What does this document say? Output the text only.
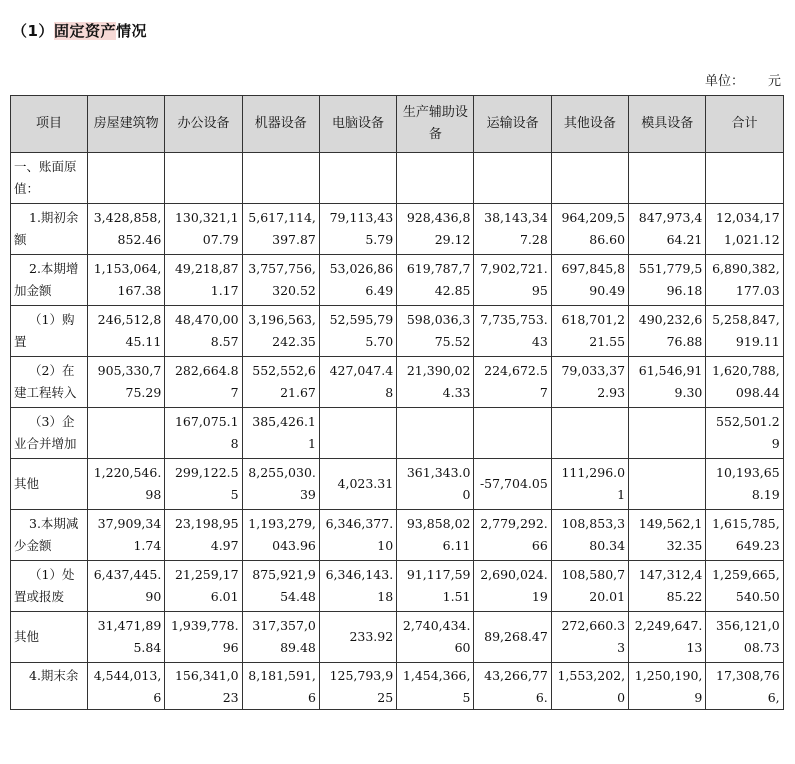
（1）固定资产情况
单位： 元
项目	房屋建筑物	办公设备	机器设备	电脑设备	生产辅助设备	运输设备	其他设备	模具设备	合计
一、账面原值：									
1.期初余额	3,428,858,852.46	130,321,107.79	5,617,114,397.87	79,113,435.79	928,436,829.12	38,143,347.28	964,209,586.60	847,973,464.21	12,034,171,021.12
2.本期增加金额	1,153,064,167.38	49,218,871.17	3,757,756,320.52	53,026,866.49	619,787,742.85	7,902,721.95	697,845,890.49	551,779,596.18	6,890,382,177.03
（1）购置	246,512,845.11	48,470,008.57	3,196,563,242.35	52,595,795.70	598,036,375.52	7,735,753.43	618,701,221.55	490,232,676.88	5,258,847,919.11
（2）在建工程转入	905,330,775.29	282,664.87	552,552,621.67	427,047.48	21,390,024.33	224,672.57	79,033,372.93	61,546,919.30	1,620,788,098.44
（3）企业合并增加		167,075.18	385,426.11						552,501.29
其他	1,220,546.98	299,122.55	8,255,030.39	4,023.31	361,343.00	-57,704.05	111,296.01		10,193,658.19
3.本期减少金额	37,909,341.74	23,198,954.97	1,193,279,043.96	6,346,377.10	93,858,026.11	2,779,292.66	108,853,380.34	149,562,132.35	1,615,785,649.23
（1）处置或报废	6,437,445.90	21,259,176.01	875,921,954.48	6,346,143.18	91,117,591.51	2,690,024.19	108,580,720.01	147,312,485.22	1,259,665,540.50
其他	31,471,895.84	1,939,778.96	317,357,089.48	233.92	2,740,434.60	89,268.47	272,660.33	2,249,647.13	356,121,008.73
4.期末余	4,544,013,6	156,341,023	8,181,591,6	125,793,925	1,454,366,5	43,266,776.	1,553,202,0	1,250,190,9	17,308,766,
